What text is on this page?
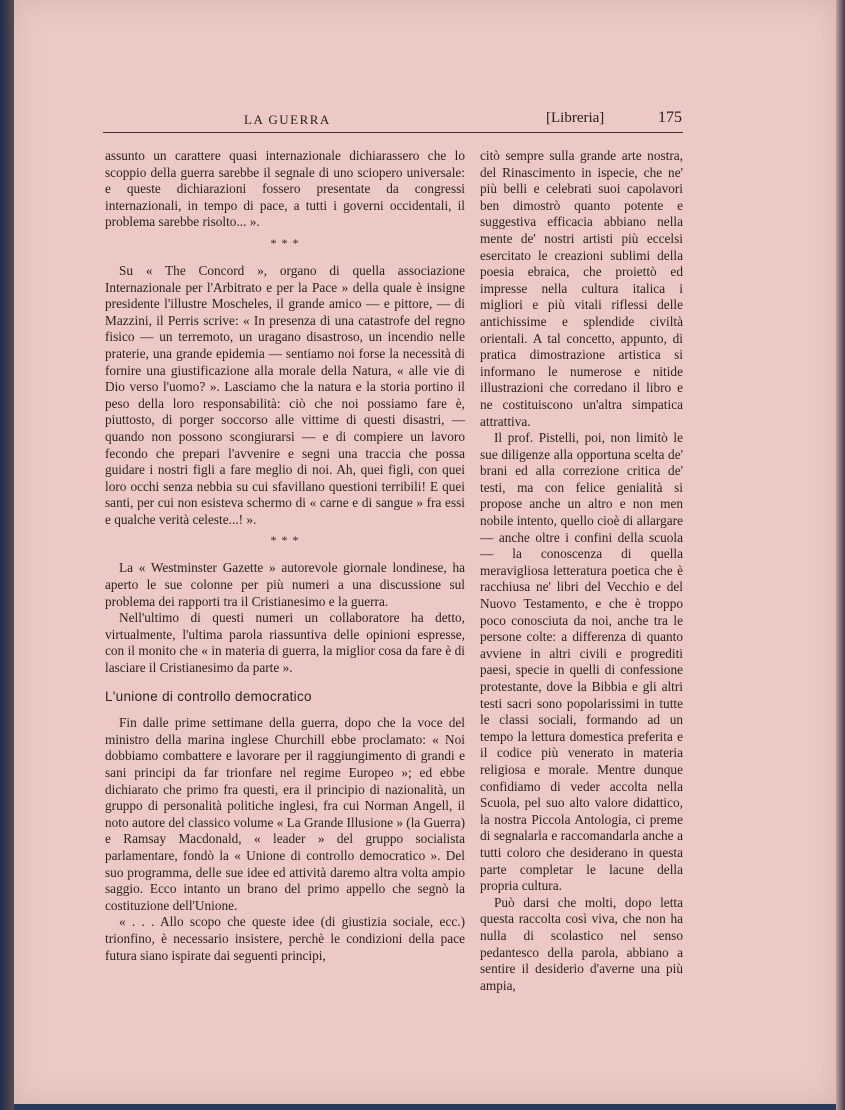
LA GUERRA	[Libreria]	175

assunto un carattere quasi internazionale dichiarassero che lo scoppio della guerra sarebbe il segnale di uno sciopero universale: e queste dichiarazioni fossero presentate da congressi internazionali, in tempo di pace, a tutti i governi occidentali, il problema sarebbe risolto... ».

* * *

Su « The Concord », organo di quella associazione Internazionale per l'Arbitrato e per la Pace » della quale è insigne presidente l'illustre Moscheles, il grande amico — e pittore, — di Mazzini, il Perris scrive: « In presenza di una catastrofe del regno fisico — un terremoto, un uragano disastroso, un incendio nelle praterie, una grande epidemia — sentiamo noi forse la necessità di fornire una giustificazione alla morale della Natura, « alle vie di Dio verso l'uomo? ». Lasciamo che la natura e la storia portino il peso della loro responsabilità: ciò che noi possiamo fare è, piuttosto, di porger soccorso alle vittime di questi disastri, — quando non possono scongiurarsi — e di compiere un lavoro fecondo che prepari l'avvenire e segni una traccia che possa guidare i nostri figli a fare meglio di noi. Ah, quei figli, con quei loro occhi senza nebbia su cui sfavillano questioni terribili! E quei santi, per cui non esisteva schermo di « carne e di sangue » fra essi e qualche verità celeste...! ».

* * *

La « Westminster Gazette » autorevole giornale londinese, ha aperto le sue colonne per più numeri a una discussione sul problema dei rapporti tra il Cristianesimo e la guerra.

Nell'ultimo di questi numeri un collaboratore ha detto, virtualmente, l'ultima parola riassuntiva delle opinioni espresse, con il monito che « in materia di guerra, la miglior cosa da fare è di lasciare il Cristianesimo da parte ».

L'unione di controllo democratico

Fin dalle prime settimane della guerra, dopo che la voce del ministro della marina inglese Churchill ebbe proclamato: « Noi dobbiamo combattere e lavorare per il raggiungimento di grandi e sani principi da far trionfare nel regime Europeo »; ed ebbe dichiarato che primo fra questi, era il principio di nazionalità, un gruppo di personalità politiche inglesi, fra cui Norman Angell, il noto autore del classico volume « La Grande Illusione » (la Guerra) e Ramsay Macdonald, « leader » del gruppo socialista parlamentare, fondò la « Unione di controllo democratico ». Del suo programma, delle sue idee ed attività daremo altra volta ampio saggio. Ecco intanto un brano del primo appello che segnò la costituzione dell'Unione.

« . . . Allo scopo che queste idee (di giustizia sociale, ecc.) trionfino, è necessario insistere, perchè le condizioni della pace futura siano ispirate dai seguenti principi,

citò sempre sulla grande arte nostra, del Rinascimento in ispecie, che ne' più belli e celebrati suoi capolavori ben dimostrò quanto potente e suggestiva efficacia abbiano nella mente de' nostri artisti più eccelsi esercitato le creazioni sublimi della poesia ebraica, che proiettò ed impresse nella cultura italica i migliori e più vitali riflessi delle antichissime e splendide civiltà orientali. A tal concetto, appunto, di pratica dimostrazione artistica si informano le numerose e nitide illustrazioni che corredano il libro e ne costituiscono un'altra simpatica attrattiva.

Il prof. Pistelli, poi, non limitò le sue diligenze alla opportuna scelta de' brani ed alla correzione critica de' testi, ma con felice genialità si propose anche un altro e non men nobile intento, quello cioè di allargare — anche oltre i confini della scuola — la conoscenza di quella meravigliosa letteratura poetica che è racchiusa ne' libri del Vecchio e del Nuovo Testamento, e che è troppo poco conosciuta da noi, anche tra le persone colte: a differenza di quanto avviene in altri civili e progrediti paesi, specie in quelli di confessione protestante, dove la Bibbia e gli altri testi sacri sono popolarissimi in tutte le classi sociali, formando ad un tempo la lettura domestica preferita e il codice più venerato in materia religiosa e morale. Mentre dunque confidiamo di veder accolta nella Scuola, pel suo alto valore didattico, la nostra Piccola Antologia, ci preme di segnalarla e raccomandarla anche a tutti coloro che desiderano in questa parte completar le lacune della propria cultura.

Può darsi che molti, dopo letta questa raccolta così viva, che non ha nulla di scolastico nel senso pedantesco della parola, abbiano a sentire il desiderio d'averne una più ampia,
